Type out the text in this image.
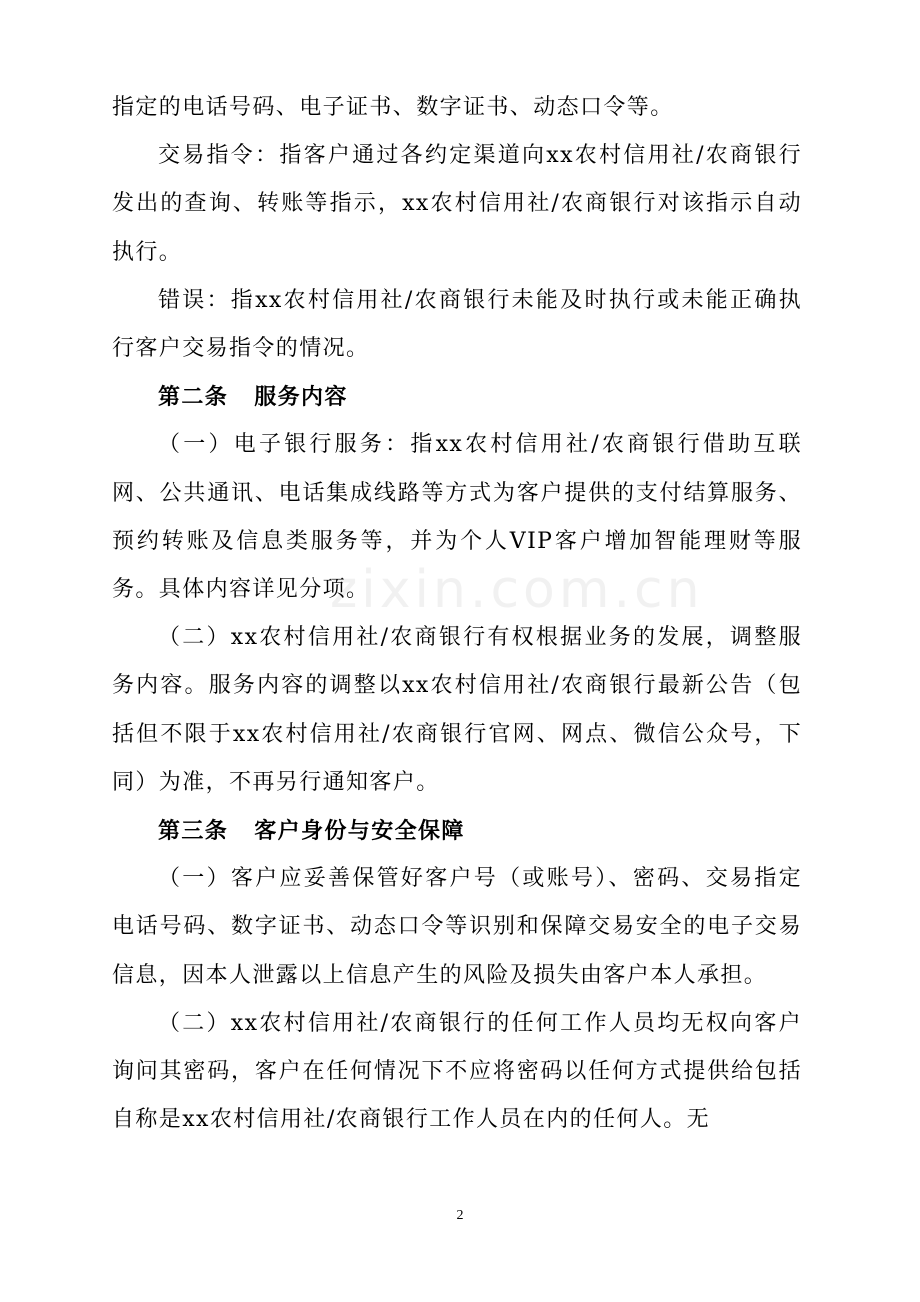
zixin.com.cn

指定的电话号码、电子证书、数字证书、动态口令等。

交易指令：指客户通过各约定渠道向xx农村信用社/农商银行发出的查询、转账等指示，xx农村信用社/农商银行对该指示自动执行。

错误：指xx农村信用社/农商银行未能及时执行或未能正确执行客户交易指令的情况。

第二条 服务内容

（一）电子银行服务：指xx农村信用社/农商银行借助互联网、公共通讯、电话集成线路等方式为客户提供的支付结算服务、预约转账及信息类服务等，并为个人VIP客户增加智能理财等服务。具体内容详见分项。

（二）xx农村信用社/农商银行有权根据业务的发展，调整服务内容。服务内容的调整以xx农村信用社/农商银行最新公告（包括但不限于xx农村信用社/农商银行官网、网点、微信公众号，下同）为准，不再另行通知客户。

第三条 客户身份与安全保障

（一）客户应妥善保管好客户号（或账号）、密码、交易指定电话号码、数字证书、动态口令等识别和保障交易安全的电子交易信息，因本人泄露以上信息产生的风险及损失由客户本人承担。

（二）xx农村信用社/农商银行的任何工作人员均无权向客户询问其密码，客户在任何情况下不应将密码以任何方式提供给包括自称是xx农村信用社/农商银行工作人员在内的任何人。无

2
